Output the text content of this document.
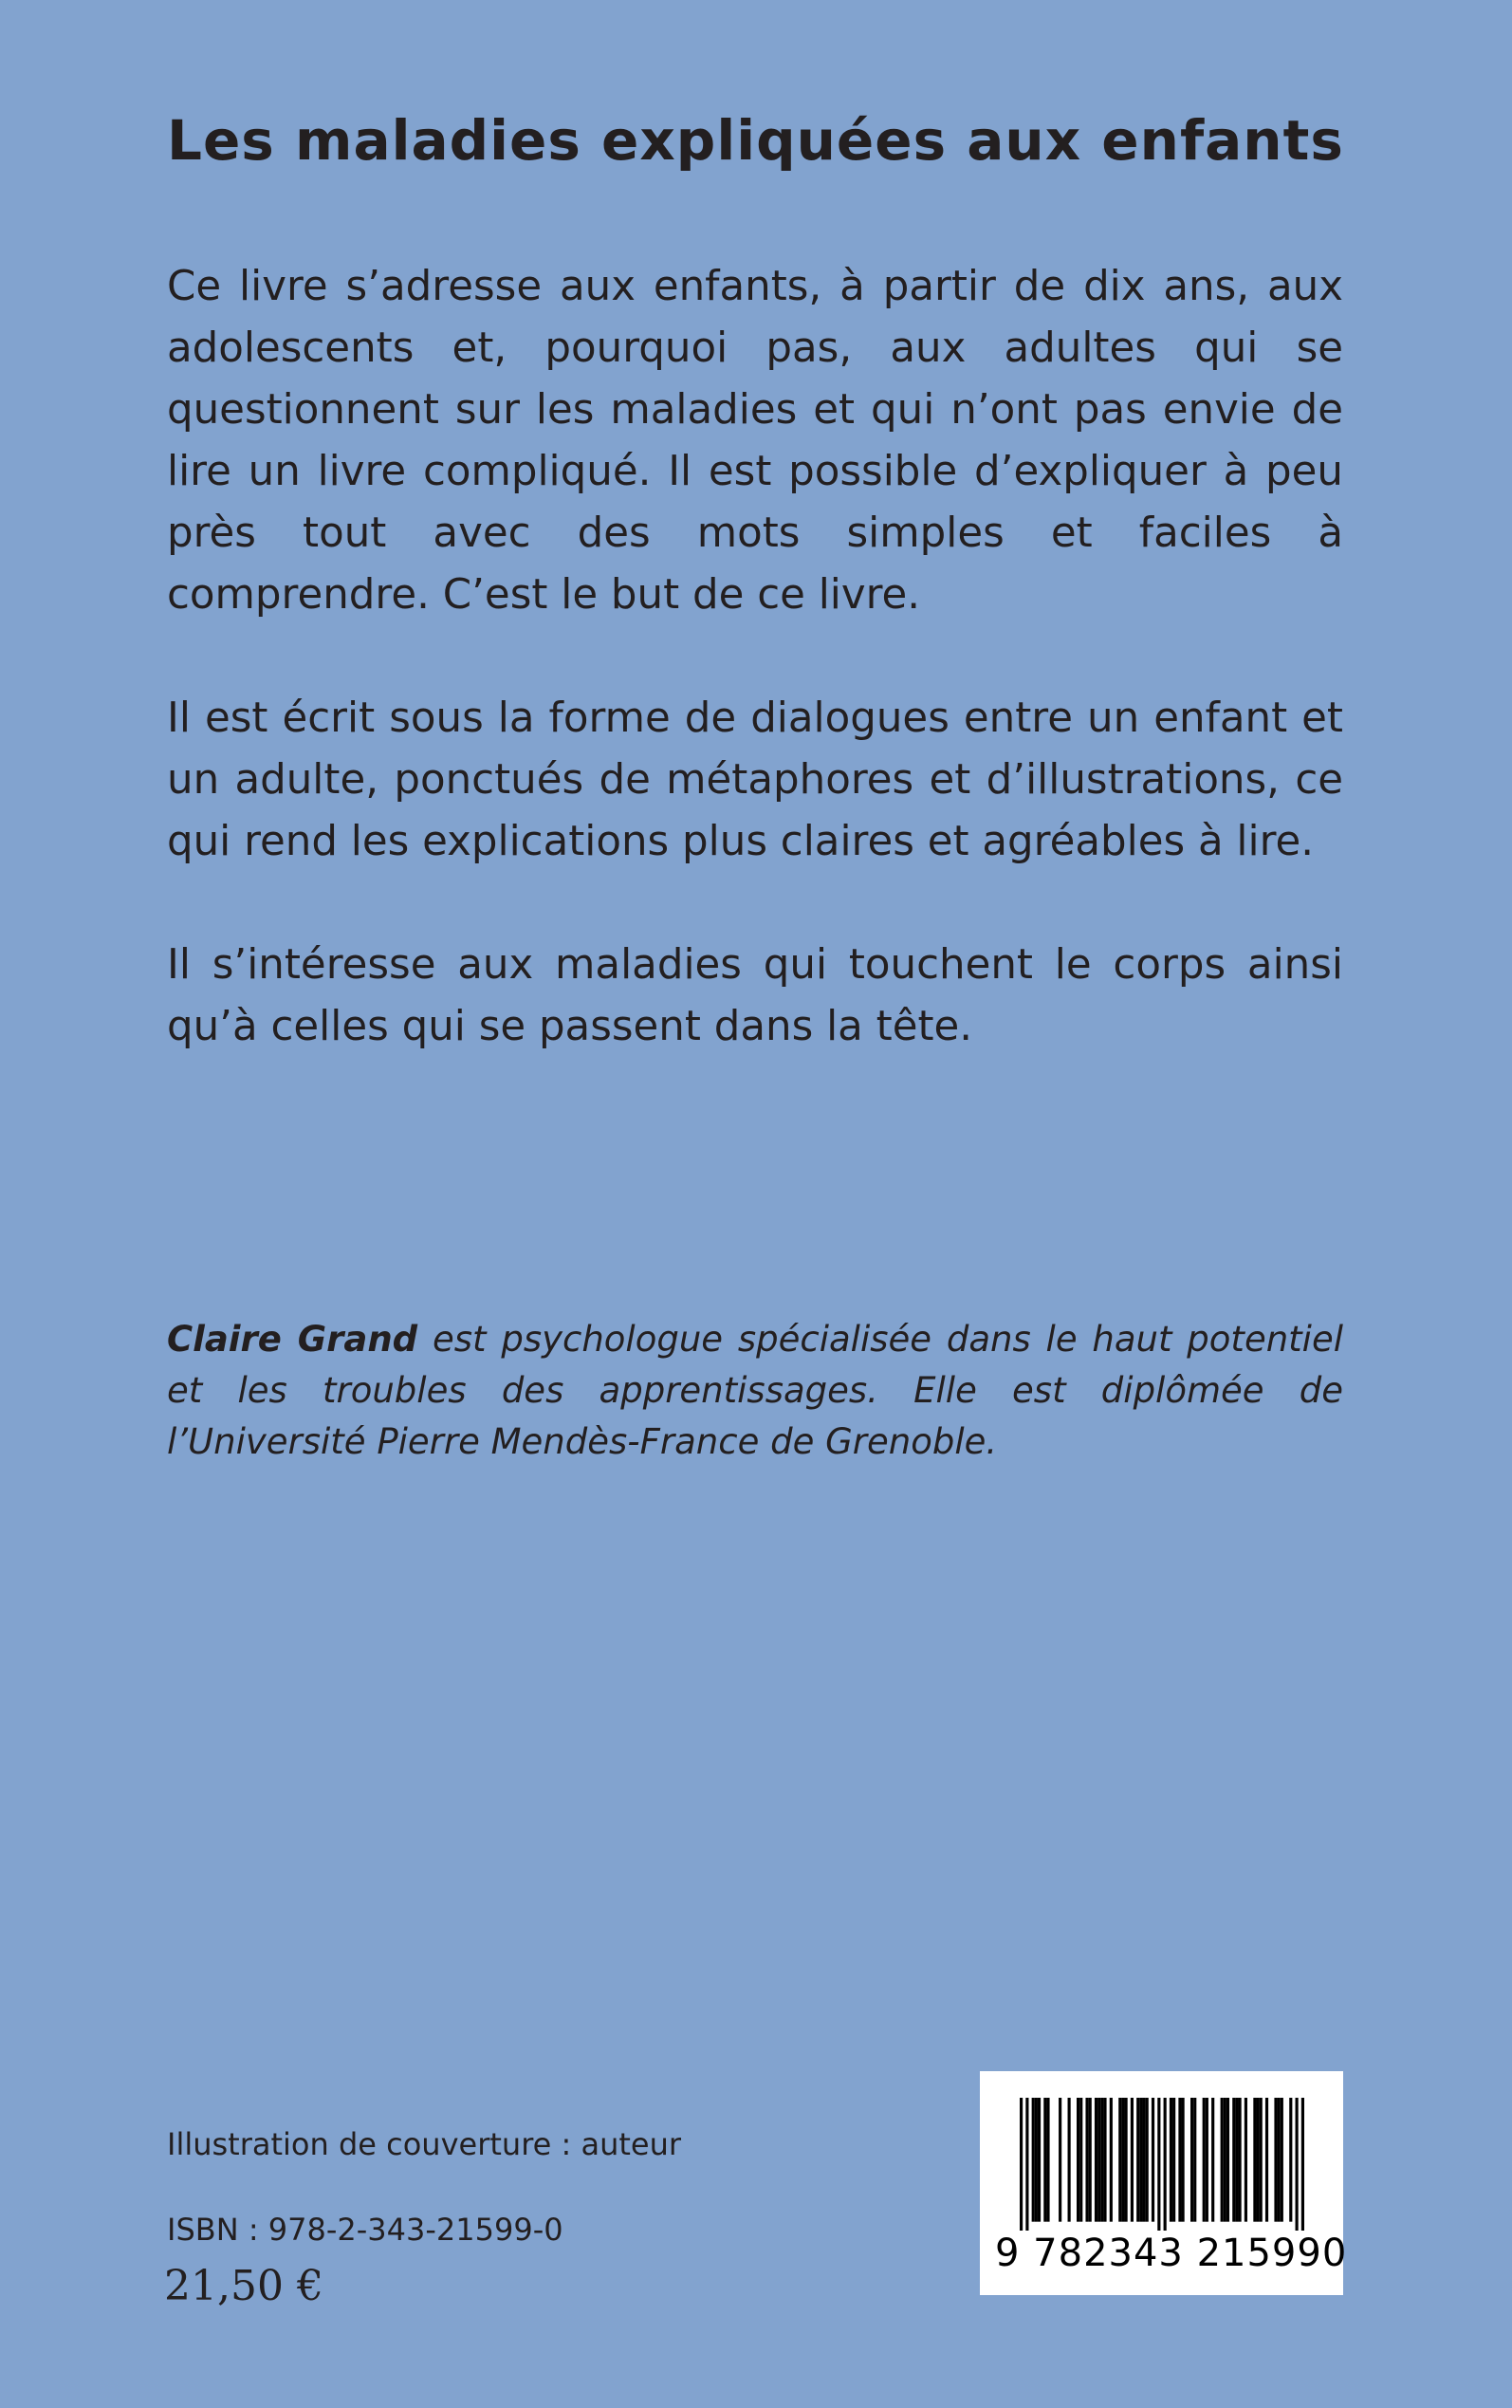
Les maladies expliquées aux enfants

Ce livre s’adresse aux enfants, à partir de dix ans, aux adolescents et, pourquoi pas, aux adultes qui se questionnent sur les maladies et qui n’ont pas envie de lire un livre compliqué. Il est possible d’expliquer à peu près tout avec des mots simples et faciles à comprendre. C’est le but de ce livre.

Il est écrit sous la forme de dialogues entre un enfant et un adulte, ponctués de métaphores et d’illustrations, ce qui rend les explications plus claires et agréables à lire.

Il s’intéresse aux maladies qui touchent le corps ainsi qu’à celles qui se passent dans la tête.

Claire Grand est psychologue spécialisée dans le haut potentiel et les troubles des apprentissages. Elle est diplômée de l’Université Pierre Mendès-France de Grenoble.

Illustration de couverture : auteur
ISBN : 978-2-343-21599-0
21,50 €
9 782343 215990
